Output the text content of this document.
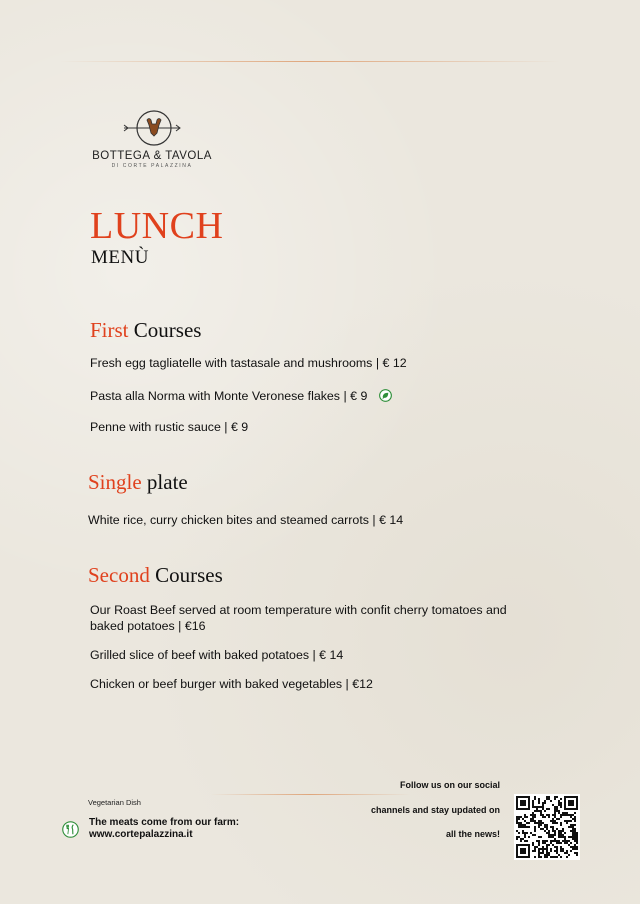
BOTTEGA & TAVOLA
DI CORTE PALAZZINA
LUNCH
MENÙ
First Courses
Fresh egg tagliatelle with tastasale and mushrooms | € 12
Pasta alla Norma with Monte Veronese flakes | € 9
Penne with rustic sauce | € 9
Single plate
White rice, curry chicken bites and steamed carrots | € 14
Second Courses
Our Roast Beef served at room temperature with confit cherry tomatoes and baked potatoes | €16
Grilled slice of beef with baked potatoes | € 14
Chicken or beef burger with baked vegetables | €12
Vegetarian Dish
The meats come from our farm:
www.cortepalazzina.it
Follow us on our social
channels and stay updated on
all the news!
